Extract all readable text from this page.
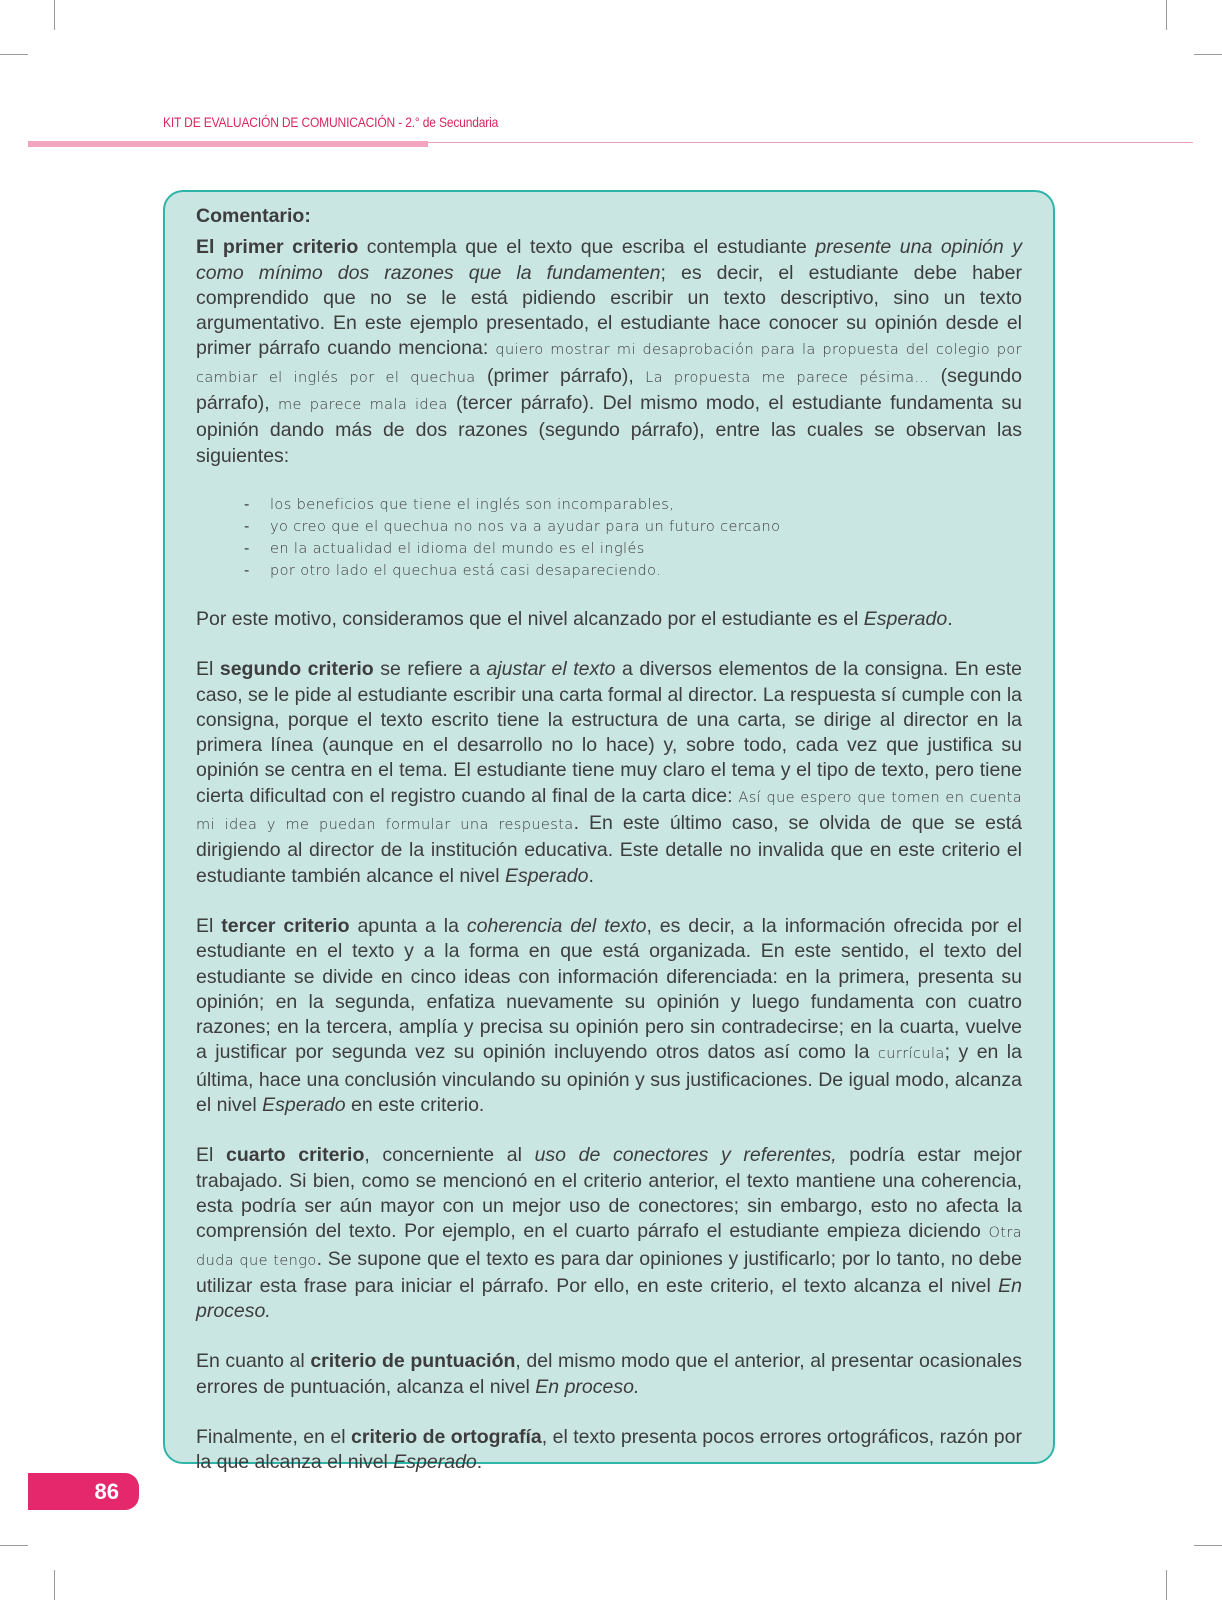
KIT DE EVALUACIÓN DE COMUNICACIÓN - 2.° de Secundaria

Comentario:

El primer criterio contempla que el texto que escriba el estudiante presente una opinión y como mínimo dos razones que la fundamenten; es decir, el estudiante debe haber comprendido que no se le está pidiendo escribir un texto descriptivo, sino un texto argumentativo. En este ejemplo presentado, el estudiante hace conocer su opinión desde el primer párrafo cuando menciona: quiero mostrar mi desaprobación para la propuesta del colegio por cambiar el inglés por el quechua (primer párrafo), La propuesta me parece pésima… (segundo párrafo), me parece mala idea (tercer párrafo). Del mismo modo, el estudiante fundamenta su opinión dando más de dos razones (segundo párrafo), entre las cuales se observan las siguientes:

- los beneficios que tiene el inglés son incomparables,
- yo creo que el quechua no nos va a ayudar para un futuro cercano
- en la actualidad el idioma del mundo es el inglés
- por otro lado el quechua está casi desapareciendo.

Por este motivo, consideramos que el nivel alcanzado por el estudiante es el Esperado.

El segundo criterio se refiere a ajustar el texto a diversos elementos de la consigna. En este caso, se le pide al estudiante escribir una carta formal al director. La respuesta sí cumple con la consigna, porque el texto escrito tiene la estructura de una carta, se dirige al director en la primera línea (aunque en el desarrollo no lo hace) y, sobre todo, cada vez que justifica su opinión se centra en el tema. El estudiante tiene muy claro el tema y el tipo de texto, pero tiene cierta dificultad con el registro cuando al final de la carta dice: Así que espero que tomen en cuenta mi idea y me puedan formular una respuesta. En este último caso, se olvida de que se está dirigiendo al director de la institución educativa. Este detalle no invalida que en este criterio el estudiante también alcance el nivel Esperado.

El tercer criterio apunta a la coherencia del texto, es decir, a la información ofrecida por el estudiante en el texto y a la forma en que está organizada. En este sentido, el texto del estudiante se divide en cinco ideas con información diferenciada: en la primera, presenta su opinión; en la segunda, enfatiza nuevamente su opinión y luego fundamenta con cuatro razones; en la tercera, amplía y precisa su opinión pero sin contradecirse; en la cuarta, vuelve a justificar por segunda vez su opinión incluyendo otros datos así como la currícula; y en la última, hace una conclusión vinculando su opinión y sus justificaciones. De igual modo, alcanza el nivel Esperado en este criterio.

El cuarto criterio, concerniente al uso de conectores y referentes, podría estar mejor trabajado. Si bien, como se mencionó en el criterio anterior, el texto mantiene una coherencia, esta podría ser aún mayor con un mejor uso de conectores; sin embargo, esto no afecta la comprensión del texto. Por ejemplo, en el cuarto párrafo el estudiante empieza diciendo Otra duda que tengo. Se supone que el texto es para dar opiniones y justificarlo; por lo tanto, no debe utilizar esta frase para iniciar el párrafo. Por ello, en este criterio, el texto alcanza el nivel En proceso.

En cuanto al criterio de puntuación, del mismo modo que el anterior, al presentar ocasionales errores de puntuación, alcanza el nivel En proceso.

Finalmente, en el criterio de ortografía, el texto presenta pocos errores ortográficos, razón por la que alcanza el nivel Esperado.

86
